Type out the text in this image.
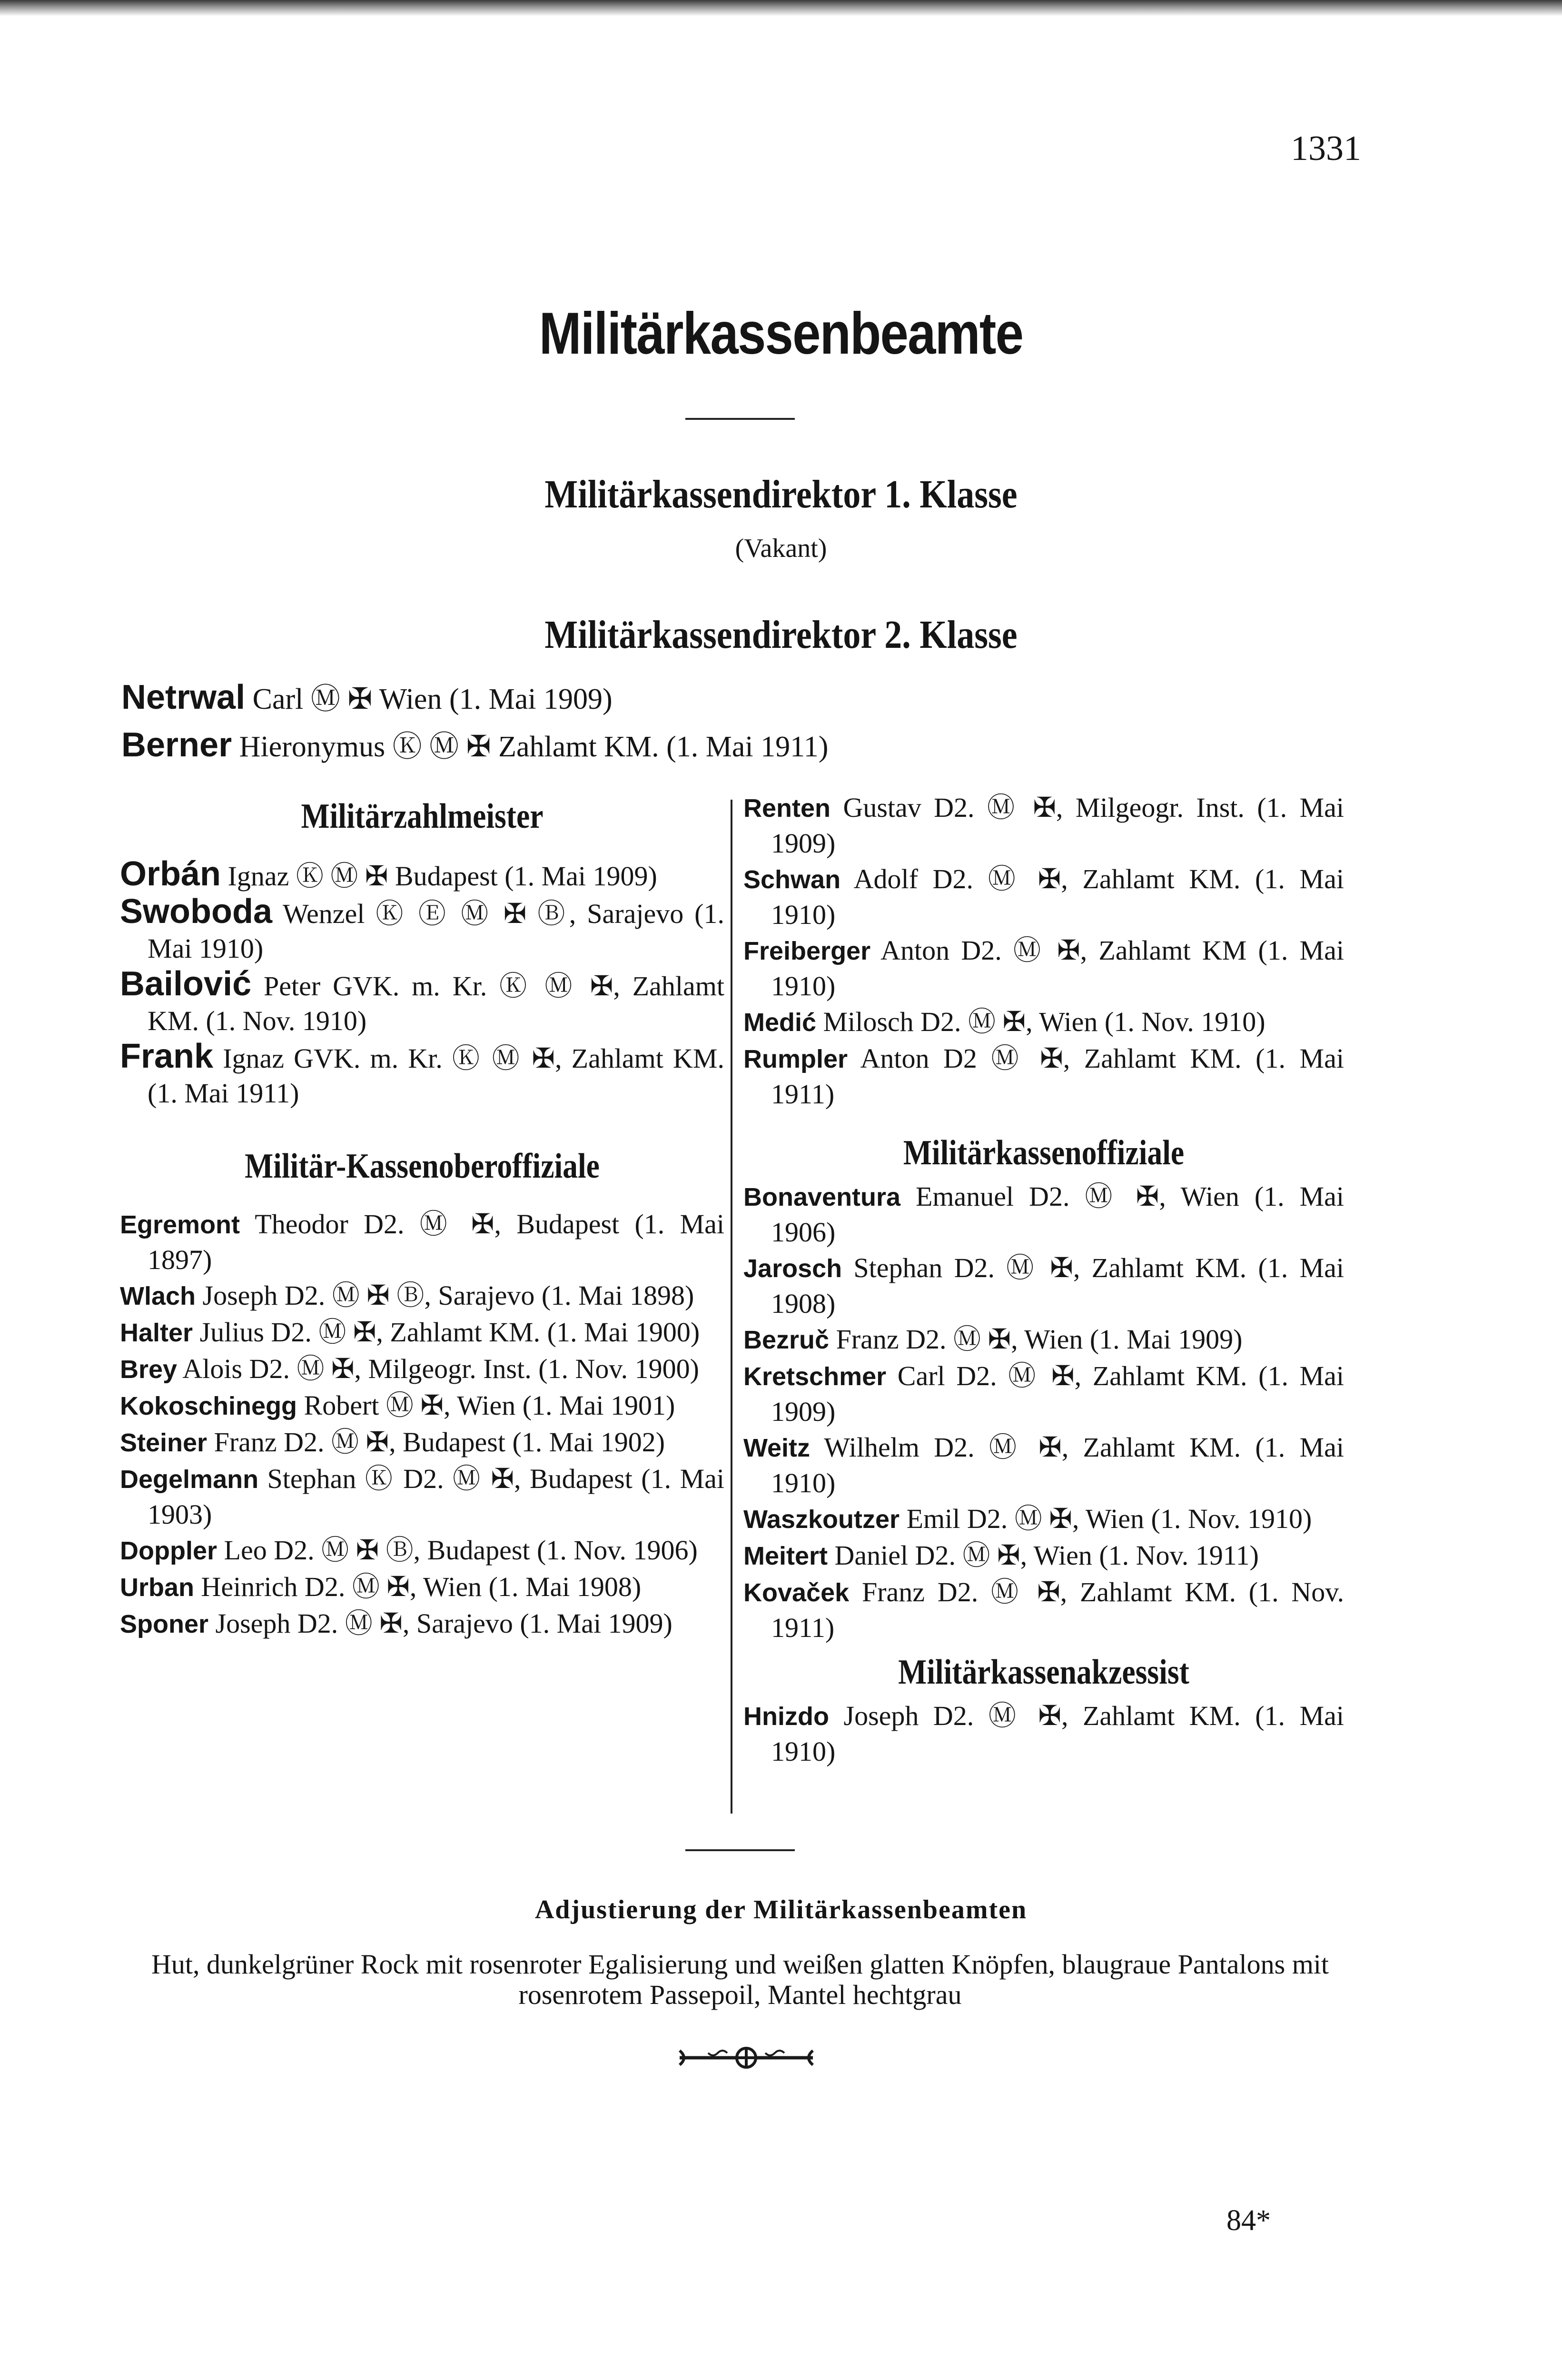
1331
Militärkassenbeamte
Militärkassendirektor 1. Klasse
(Vakant)
Militärkassendirektor 2. Klasse
Netrwal Carl Ⓜ ✠ Wien (1. Mai 1909)
Berner Hieronymus Ⓚ Ⓜ ✠ Zahlamt KM. (1. Mai 1911)
Militärzahlmeister
Orbán Ignaz Ⓚ Ⓜ ✠ Budapest (1. Mai 1909)
Swoboda Wenzel Ⓚ Ⓔ Ⓜ ✠ Ⓑ, Sarajevo (1. Mai 1910)
Bailović Peter GVK. m. Kr. Ⓚ Ⓜ ✠, Zahlamt KM. (1. Nov. 1910)
Frank Ignaz GVK. m. Kr. Ⓚ Ⓜ ✠, Zahlamt KM. (1. Mai 1911)
Militär-Kassenoberoffiziale
Egremont Theodor D2. Ⓜ ✠, Budapest (1. Mai 1897)
Wlach Joseph D2. Ⓜ ✠ Ⓑ, Sarajevo (1. Mai 1898)
Halter Julius D2. Ⓜ ✠, Zahlamt KM. (1. Mai 1900)
Brey Alois D2. Ⓜ ✠, Milgeogr. Inst. (1. Nov. 1900)
Kokoschinegg Robert Ⓜ ✠, Wien (1. Mai 1901)
Steiner Franz D2. Ⓜ ✠, Budapest (1. Mai 1902)
Degelmann Stephan Ⓚ D2. Ⓜ ✠, Budapest (1. Mai 1903)
Doppler Leo D2. Ⓜ ✠ Ⓑ, Budapest (1. Nov. 1906)
Urban Heinrich D2. Ⓜ ✠, Wien (1. Mai 1908)
Sponer Joseph D2. Ⓜ ✠, Sarajevo (1. Mai 1909)
Renten Gustav D2. Ⓜ ✠, Milgeogr. Inst. (1. Mai 1909)
Schwan Adolf D2. Ⓜ ✠, Zahlamt KM. (1. Mai 1910)
Freiberger Anton D2. Ⓜ ✠, Zahlamt KM (1. Mai 1910)
Medić Milosch D2. Ⓜ ✠, Wien (1. Nov. 1910)
Rumpler Anton D2 Ⓜ ✠, Zahlamt KM. (1. Mai 1911)
Militärkassenoffiziale
Bonaventura Emanuel D2. Ⓜ ✠, Wien (1. Mai 1906)
Jarosch Stephan D2. Ⓜ ✠, Zahlamt KM. (1. Mai 1908)
Bezruč Franz D2. Ⓜ ✠, Wien (1. Mai 1909)
Kretschmer Carl D2. Ⓜ ✠, Zahlamt KM. (1. Mai 1909)
Weitz Wilhelm D2. Ⓜ ✠, Zahlamt KM. (1. Mai 1910)
Waszkoutzer Emil D2. Ⓜ ✠, Wien (1. Nov. 1910)
Meitert Daniel D2. Ⓜ ✠, Wien (1. Nov. 1911)
Kovaček Franz D2. Ⓜ ✠, Zahlamt KM. (1. Nov. 1911)
Militärkassenakzessist
Hnizdo Joseph D2. Ⓜ ✠, Zahlamt KM. (1. Mai 1910)
Adjustierung der Militärkassenbeamten
Hut, dunkelgrüner Rock mit rosenroter Egalisierung und weißen glatten Knöpfen, blaugraue Pantalons mit rosenrotem Passepoil, Mantel hechtgrau
84*
